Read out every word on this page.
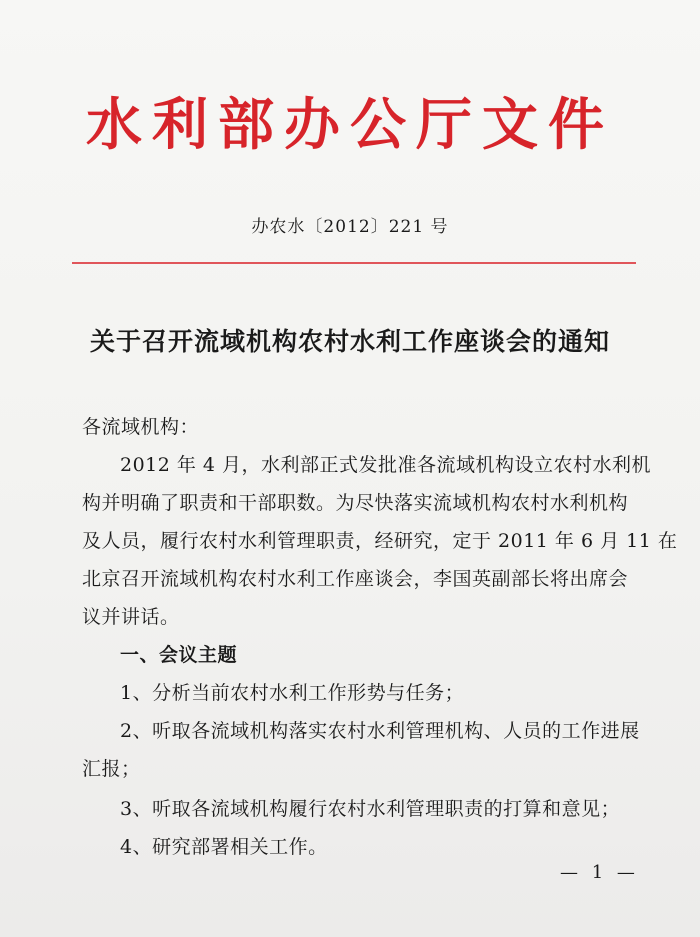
水利部办公厅文件
办农水〔2012〕221 号
关于召开流域机构农村水利工作座谈会的通知
各流域机构：
2012 年 4 月，水利部正式发批准各流域机构设立农村水利机
构并明确了职责和干部职数。为尽快落实流域机构农村水利机构
及人员，履行农村水利管理职责，经研究，定于 2011 年 6 月 11 在
北京召开流域机构农村水利工作座谈会，李国英副部长将出席会
议并讲话。
一、会议主题
1、分析当前农村水利工作形势与任务；
2、听取各流域机构落实农村水利管理机构、人员的工作进展
汇报；
3、听取各流域机构履行农村水利管理职责的打算和意见；
4、研究部署相关工作。
— 1 —
